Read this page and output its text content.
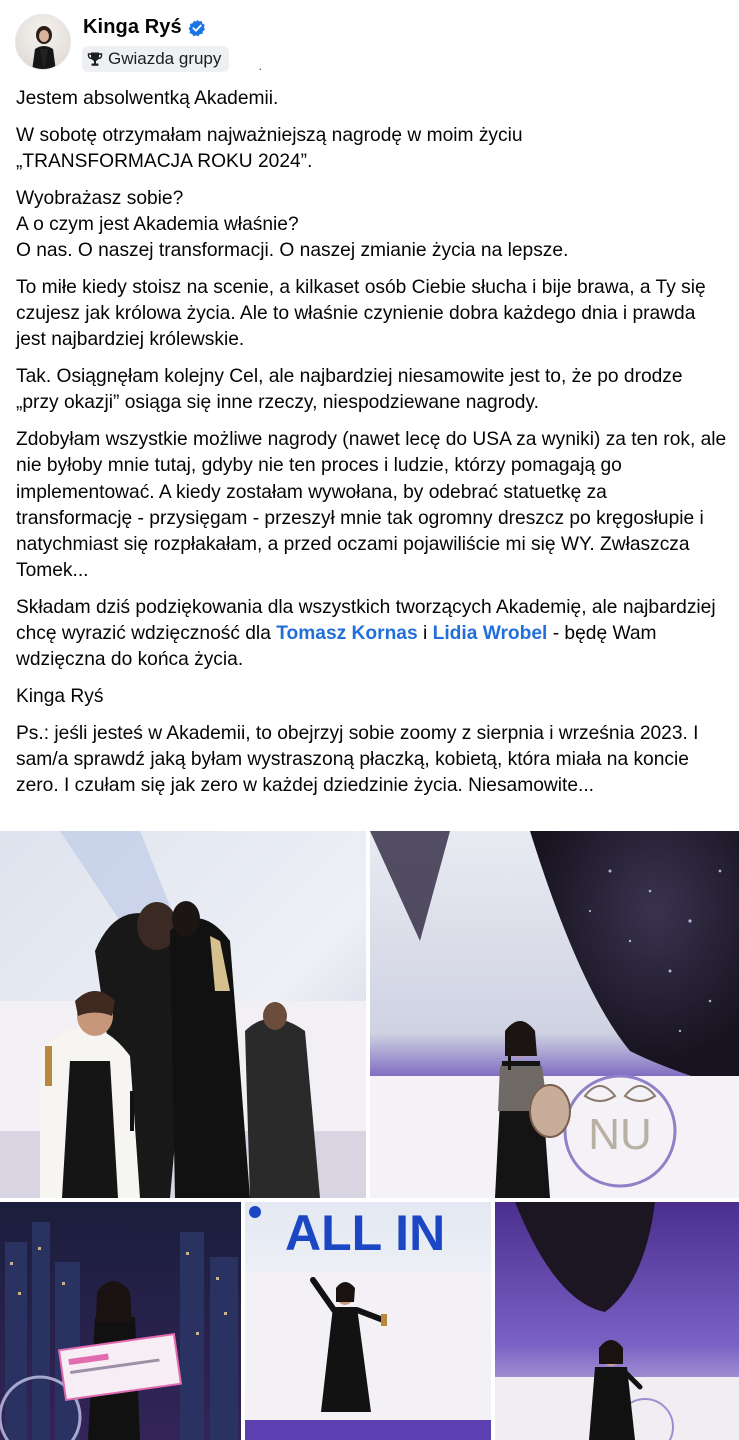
Kinga Ryś
Gwiazda grupy	·

Jestem absolwentką Akademii.

W sobotę otrzymałam najważniejszą nagrodę w moim życiu
„TRANSFORMACJA ROKU 2024”.

Wyobrażasz sobie?
A o czym jest Akademia właśnie?
O nas. O naszej transformacji. O naszej zmianie życia na lepsze.

To miłe kiedy stoisz na scenie, a kilkaset osób Ciebie słucha i bije brawa, a Ty się czujesz jak królowa życia. Ale to właśnie czynienie dobra każdego dnia i prawda jest najbardziej królewskie.

Tak. Osiągnęłam kolejny Cel, ale najbardziej niesamowite jest to, że po drodze „przy okazji” osiąga się inne rzeczy, niespodziewane nagrody.

Zdobyłam wszystkie możliwe nagrody (nawet lecę do USA za wyniki) za ten rok, ale nie byłoby mnie tutaj, gdyby nie ten proces i ludzie, którzy pomagają go implementować. A kiedy zostałam wywołana, by odebrać statuetkę za transformację - przysięgam - przeszył mnie tak ogromny dreszcz po kręgosłupie i natychmiast się rozpłakałam, a przed oczami pojawiliście mi się WY. Zwłaszcza Tomek...

Składam dziś podziękowania dla wszystkich tworzących Akademię, ale najbardziej chcę wyrazić wdzięczność dla Tomasz Kornas i Lidia Wrobel - będę Wam wdzięczna do końca życia.

Kinga Ryś

Ps.: jeśli jesteś w Akademii, to obejrzyj sobie zoomy z sierpnia i września 2023. I sam/a sprawdź jaką byłam wystraszoną płaczką, kobietą, która miała na koncie zero. I czułam się jak zero w każdej dziedzinie życia. Niesamowite...

NU
ALL IN
